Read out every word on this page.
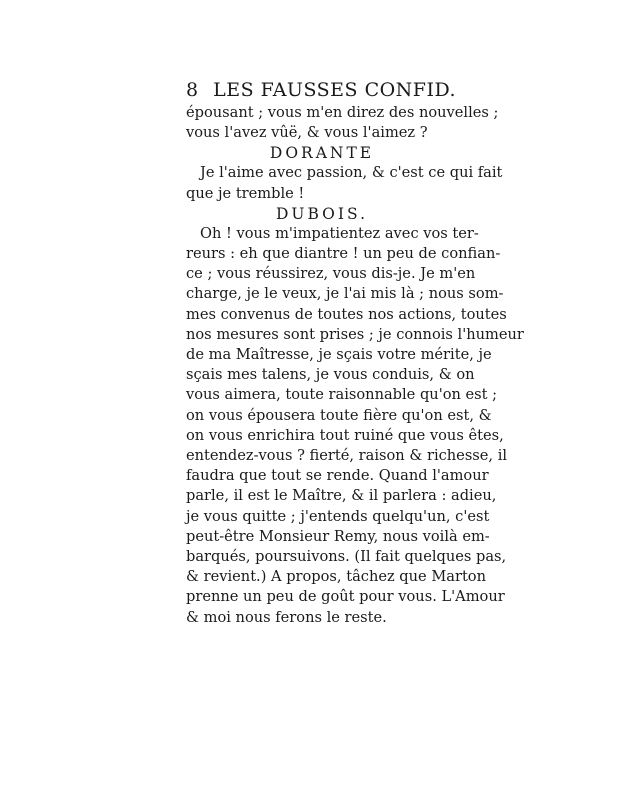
8 LES FAUSSES CONFID.
épousant ; vous m'en direz des nouvelles ;
vous l'avez vûë, & vous l'aimez ?
DORANTE
Je l'aime avec passion, & c'est ce qui fait
que je tremble !
DUBOIS.
Oh ! vous m'impatientez avec vos ter-
reurs : eh que diantre ! un peu de confian-
ce ; vous réussirez, vous dis-je. Je m'en
charge, je le veux, je l'ai mis là ; nous som-
mes convenus de toutes nos actions, toutes
nos mesures sont prises ; je connois l'humeur
de ma Maîtresse, je sçais votre mérite, je
sçais mes talens, je vous conduis, & on
vous aimera, toute raisonnable qu'on est ;
on vous épousera toute fière qu'on est, &
on vous enrichira tout ruiné que vous êtes,
entendez-vous ? fierté, raison & richesse, il
faudra que tout se rende. Quand l'amour
parle, il est le Maître, & il parlera : adieu,
je vous quitte ; j'entends quelqu'un, c'est
peut-être Monsieur Remy, nous voilà em-
barqués, poursuivons. (Il fait quelques pas,
& revient.) A propos, tâchez que Marton
prenne un peu de goût pour vous. L'Amour
& moi nous ferons le reste.
